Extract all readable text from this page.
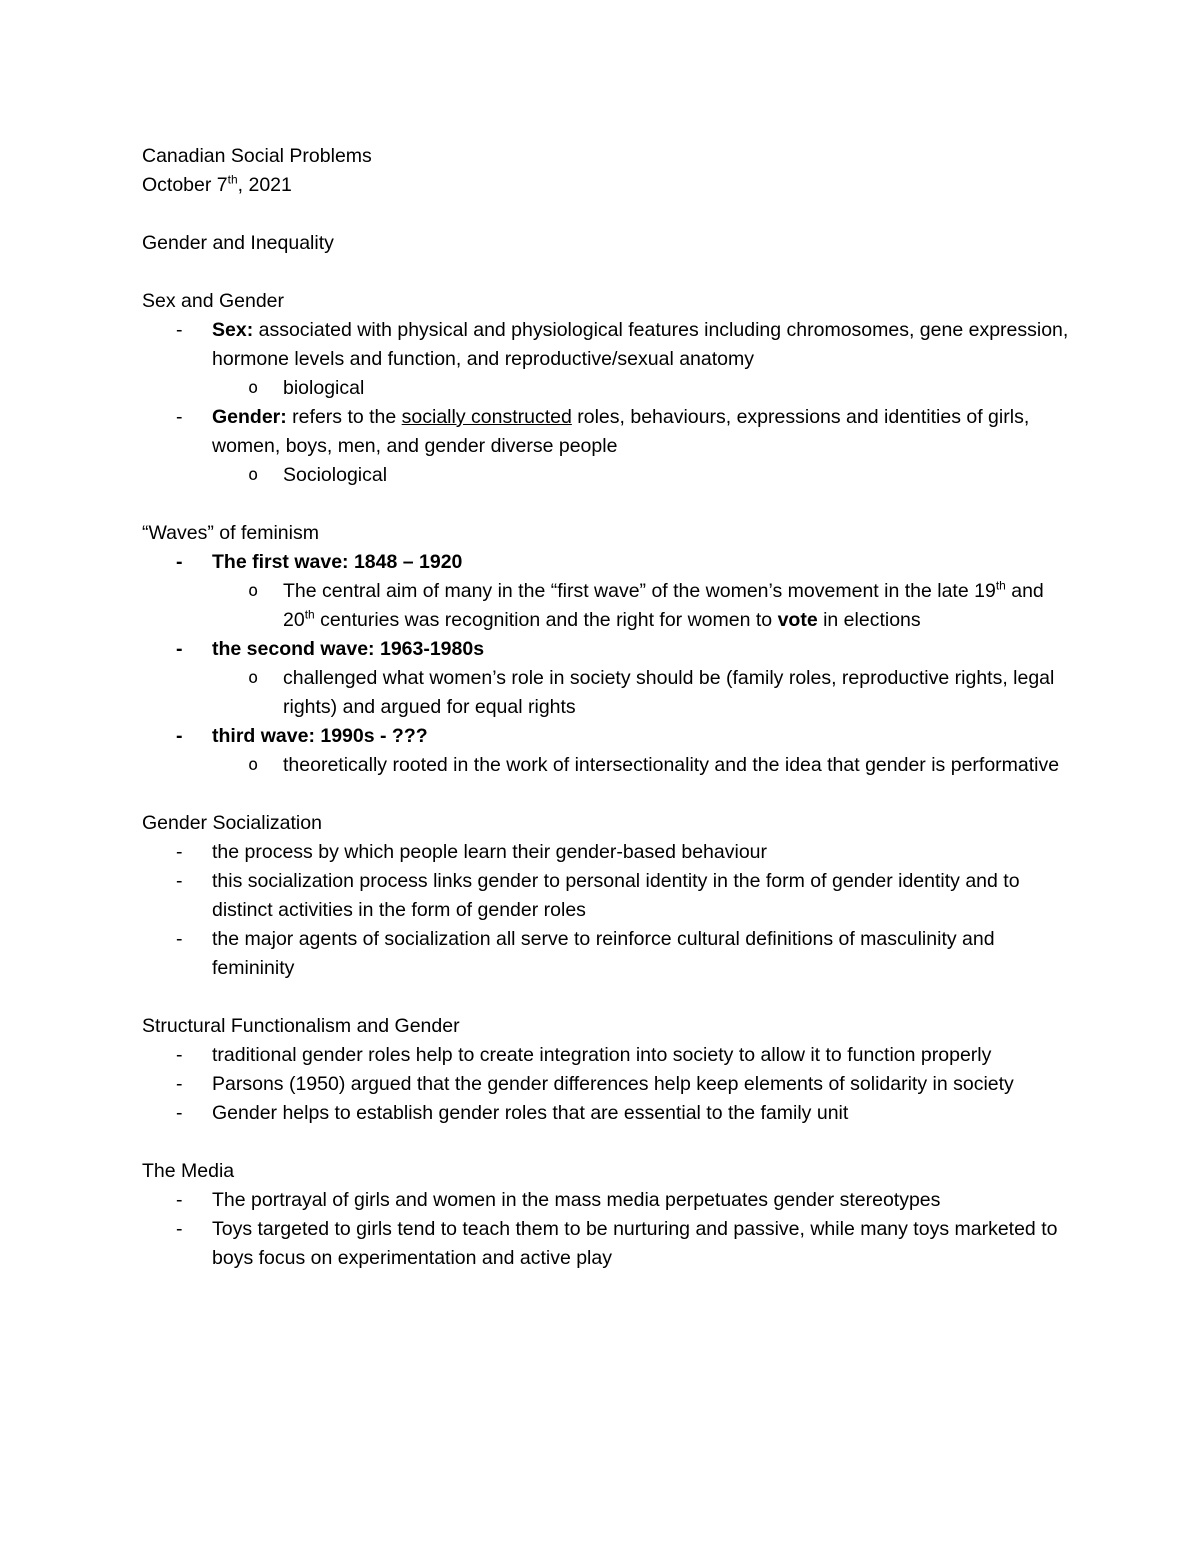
Canadian Social Problems

October 7th, 2021

Gender and Inequality

Sex and Gender

- Sex: associated with physical and physiological features including chromosomes, gene expression, hormone levels and function, and reproductive/sexual anatomy
o biological
- Gender: refers to the socially constructed roles, behaviours, expressions and identities of girls, women, boys, men, and gender diverse people
o Sociological

“Waves” of feminism

- The first wave: 1848 – 1920
o The central aim of many in the “first wave” of the women’s movement in the late 19th and 20th centuries was recognition and the right for women to vote in elections
- the second wave: 1963-1980s
o challenged what women’s role in society should be (family roles, reproductive rights, legal rights) and argued for equal rights
- third wave: 1990s - ???
o theoretically rooted in the work of intersectionality and the idea that gender is performative

Gender Socialization

- the process by which people learn their gender-based behaviour
- this socialization process links gender to personal identity in the form of gender identity and to distinct activities in the form of gender roles
- the major agents of socialization all serve to reinforce cultural definitions of masculinity and femininity

Structural Functionalism and Gender

- traditional gender roles help to create integration into society to allow it to function properly
- Parsons (1950) argued that the gender differences help keep elements of solidarity in society
- Gender helps to establish gender roles that are essential to the family unit

The Media

- The portrayal of girls and women in the mass media perpetuates gender stereotypes
- Toys targeted to girls tend to teach them to be nurturing and passive, while many toys marketed to boys focus on experimentation and active play
